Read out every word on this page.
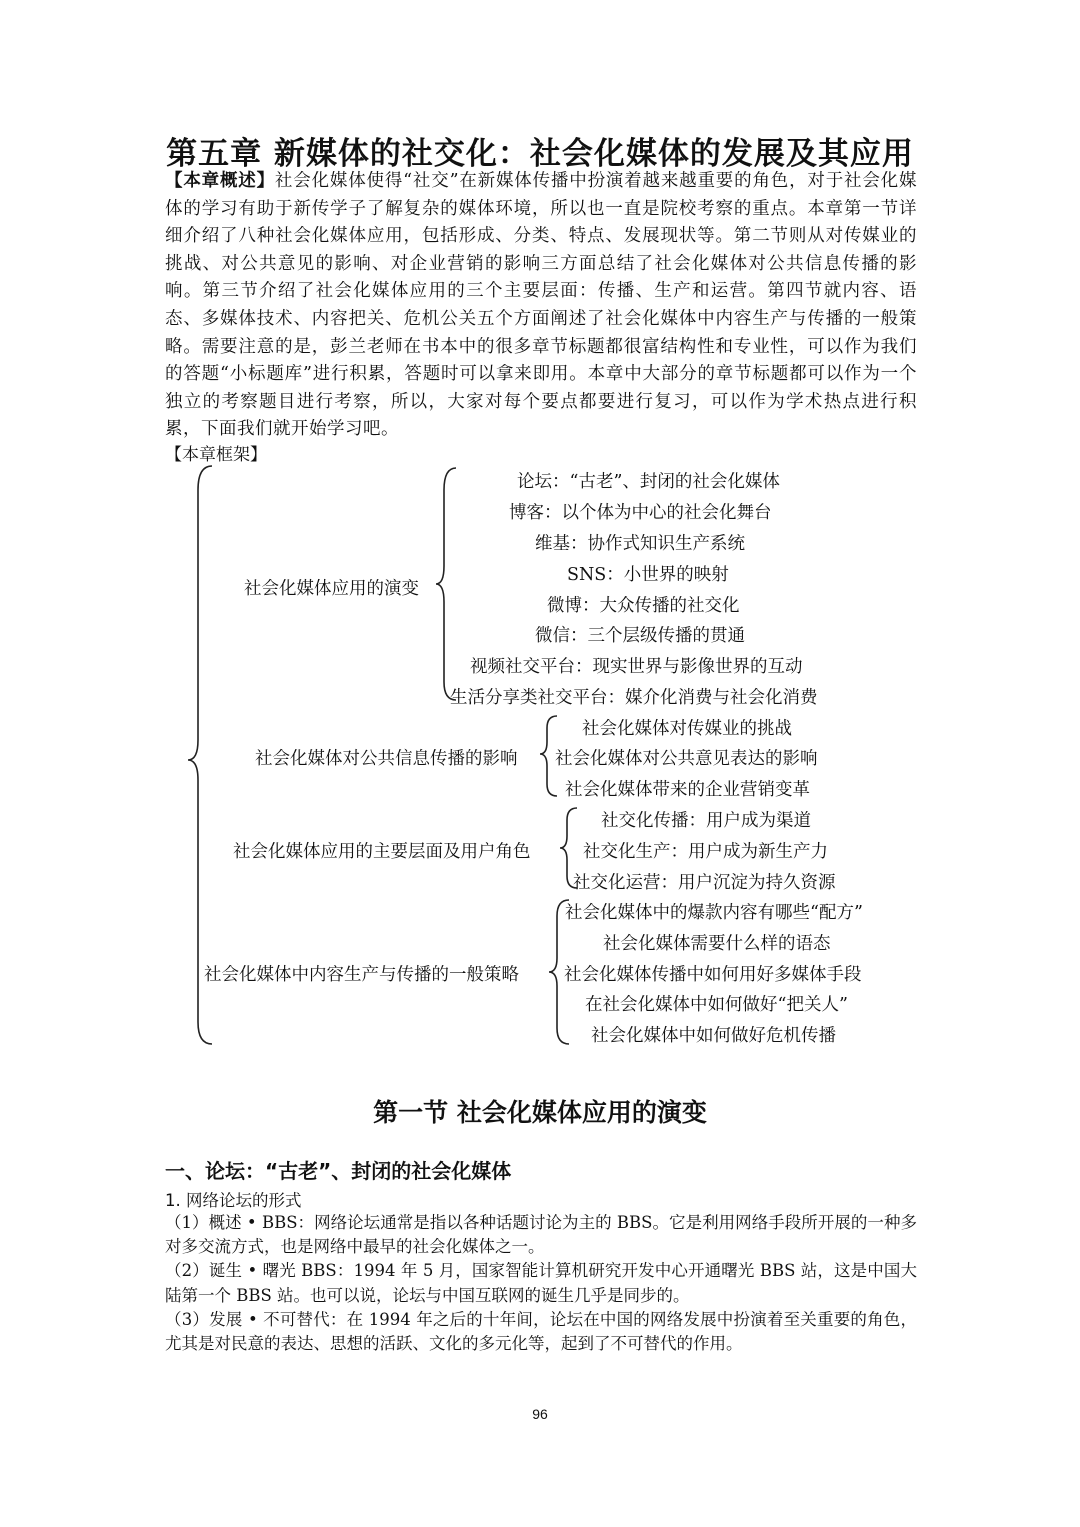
第五章 新媒体的社交化：社会化媒体的发展及其应用
【本章概述】社会化媒体使得“社交”在新媒体传播中扮演着越来越重要的角色，对于社会化媒体的学习有助于新传学子了解复杂的媒体环境，所以也一直是院校考察的重点。本章第一节详细介绍了八种社会化媒体应用，包括形成、分类、特点、发展现状等。第二节则从对传媒业的挑战、对公共意见的影响、对企业营销的影响三方面总结了社会化媒体对公共信息传播的影响。第三节介绍了社会化媒体应用的三个主要层面：传播、生产和运营。第四节就内容、语态、多媒体技术、内容把关、危机公关五个方面阐述了社会化媒体中内容生产与传播的一般策略。需要注意的是，彭兰老师在书本中的很多章节标题都很富结构性和专业性，可以作为我们的答题“小标题库”进行积累，答题时可以拿来即用。本章中大部分的章节标题都可以作为一个独立的考察题目进行考察，所以，大家对每个要点都要进行复习，可以作为学术热点进行积累，下面我们就开始学习吧。
【本章框架】
社会化媒体应用的演变
论坛：“古老”、封闭的社会化媒体
博客：以个体为中心的社会化舞台
维基：协作式知识生产系统
SNS：小世界的映射
微博：大众传播的社交化
微信：三个层级传播的贯通
视频社交平台：现实世界与影像世界的互动
生活分享类社交平台：媒介化消费与社会化消费
社会化媒体对公共信息传播的影响
社会化媒体对传媒业的挑战
社会化媒体对公共意见表达的影响
社会化媒体带来的企业营销变革
社会化媒体应用的主要层面及用户角色
社交化传播：用户成为渠道
社交化生产：用户成为新生产力
社交化运营：用户沉淀为持久资源
社会化媒体中内容生产与传播的一般策略
社会化媒体中的爆款内容有哪些“配方”
社会化媒体需要什么样的语态
社会化媒体传播中如何用好多媒体手段
在社会化媒体中如何做好“把关人”
社会化媒体中如何做好危机传播
第一节 社会化媒体应用的演变
一、论坛：“古老”、封闭的社会化媒体
1. 网络论坛的形式

（1）概述 • BBS：网络论坛通常是指以各种话题讨论为主的 BBS。它是利用网络手段所开展的一种多对多交流方式，也是网络中最早的社会化媒体之一。

（2）诞生 • 曙光 BBS：1994 年 5 月，国家智能计算机研究开发中心开通曙光 BBS 站，这是中国大陆第一个 BBS 站。也可以说，论坛与中国互联网的诞生几乎是同步的。

（3）发展 • 不可替代：在 1994 年之后的十年间，论坛在中国的网络发展中扮演着至关重要的角色，尤其是对民意的表达、思想的活跃、文化的多元化等，起到了不可替代的作用。

96
